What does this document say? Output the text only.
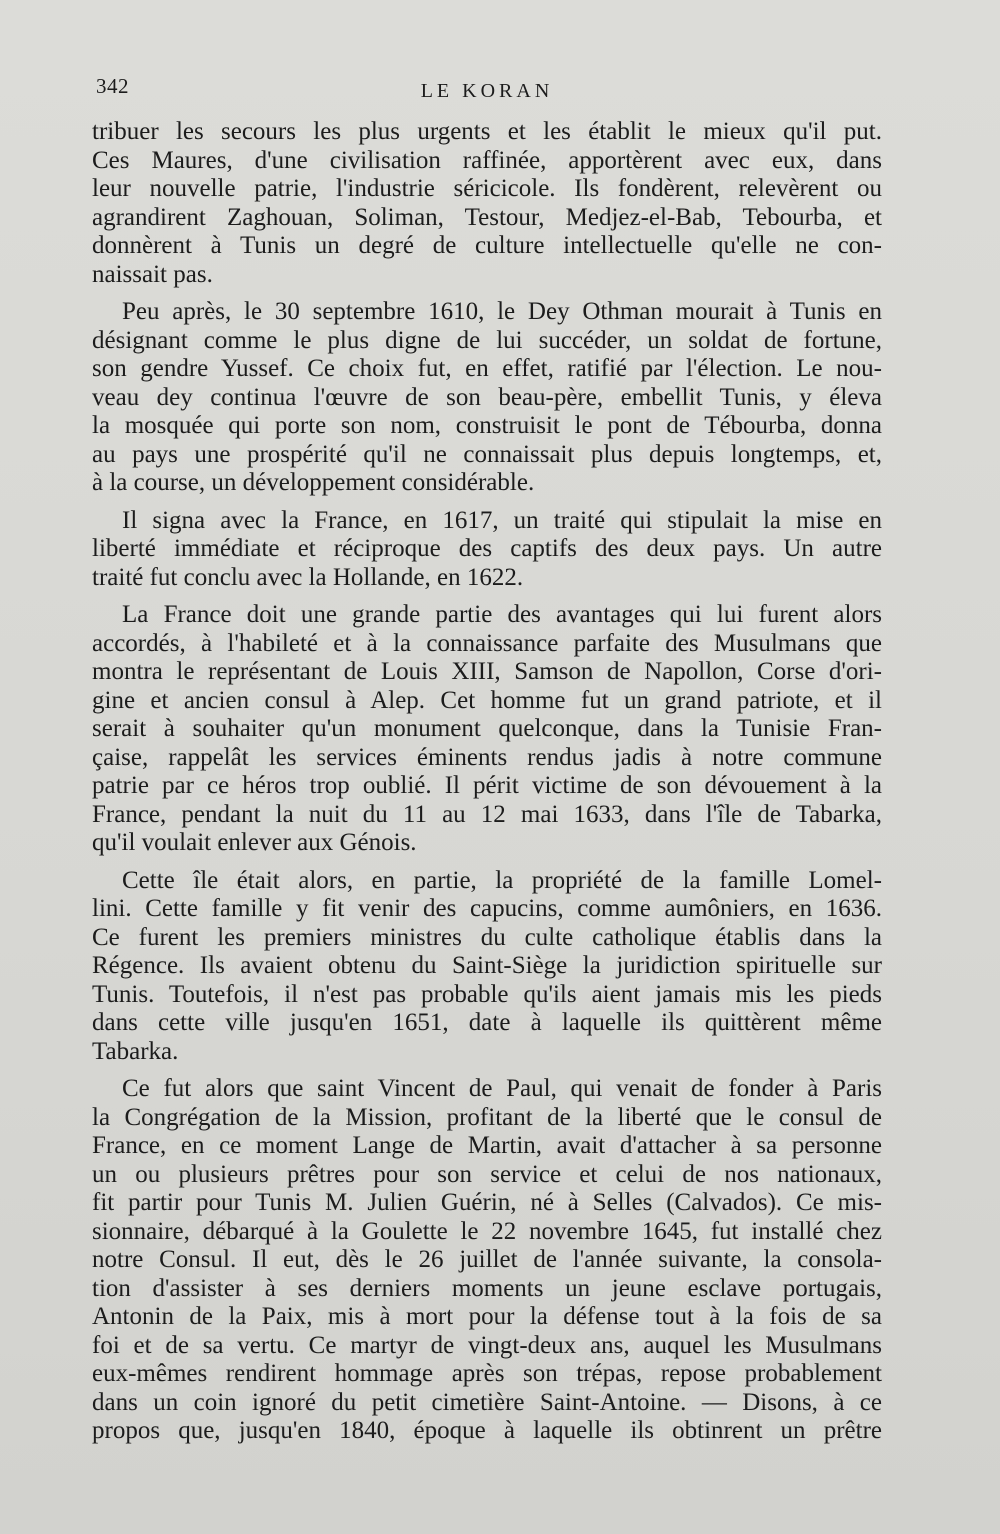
342	LE KORAN
tribuer les secours les plus urgents et les établit le mieux qu'il put.
Ces Maures, d'une civilisation raffinée, apportèrent avec eux, dans
leur nouvelle patrie, l'industrie séricicole. Ils fondèrent, relevèrent ou
agrandirent Zaghouan, Soliman, Testour, Medjez-el-Bab, Tebourba, et
donnèrent à Tunis un degré de culture intellectuelle qu'elle ne con-
naissait pas.
Peu après, le 30 septembre 1610, le Dey Othman mourait à Tunis en
désignant comme le plus digne de lui succéder, un soldat de fortune,
son gendre Yussef. Ce choix fut, en effet, ratifié par l'élection. Le nou-
veau dey continua l'œuvre de son beau-père, embellit Tunis, y éleva
la mosquée qui porte son nom, construisit le pont de Tébourba, donna
au pays une prospérité qu'il ne connaissait plus depuis longtemps, et,
à la course, un développement considérable.
Il signa avec la France, en 1617, un traité qui stipulait la mise en
liberté immédiate et réciproque des captifs des deux pays. Un autre
traité fut conclu avec la Hollande, en 1622.
La France doit une grande partie des avantages qui lui furent alors
accordés, à l'habileté et à la connaissance parfaite des Musulmans que
montra le représentant de Louis XIII, Samson de Napollon, Corse d'ori-
gine et ancien consul à Alep. Cet homme fut un grand patriote, et il
serait à souhaiter qu'un monument quelconque, dans la Tunisie Fran-
çaise, rappelât les services éminents rendus jadis à notre commune
patrie par ce héros trop oublié. Il périt victime de son dévouement à la
France, pendant la nuit du 11 au 12 mai 1633, dans l'île de Tabarka,
qu'il voulait enlever aux Génois.
Cette île était alors, en partie, la propriété de la famille Lomel-
lini. Cette famille y fit venir des capucins, comme aumôniers, en 1636.
Ce furent les premiers ministres du culte catholique établis dans la
Régence. Ils avaient obtenu du Saint-Siège la juridiction spirituelle sur
Tunis. Toutefois, il n'est pas probable qu'ils aient jamais mis les pieds
dans cette ville jusqu'en 1651, date à laquelle ils quittèrent même
Tabarka.
Ce fut alors que saint Vincent de Paul, qui venait de fonder à Paris
la Congrégation de la Mission, profitant de la liberté que le consul de
France, en ce moment Lange de Martin, avait d'attacher à sa personne
un ou plusieurs prêtres pour son service et celui de nos nationaux,
fit partir pour Tunis M. Julien Guérin, né à Selles (Calvados). Ce mis-
sionnaire, débarqué à la Goulette le 22 novembre 1645, fut installé chez
notre Consul. Il eut, dès le 26 juillet de l'année suivante, la consola-
tion d'assister à ses derniers moments un jeune esclave portugais,
Antonin de la Paix, mis à mort pour la défense tout à la fois de sa
foi et de sa vertu. Ce martyr de vingt-deux ans, auquel les Musulmans
eux-mêmes rendirent hommage après son trépas, repose probablement
dans un coin ignoré du petit cimetière Saint-Antoine. — Disons, à ce
propos que, jusqu'en 1840, époque à laquelle ils obtinrent un prêtre
